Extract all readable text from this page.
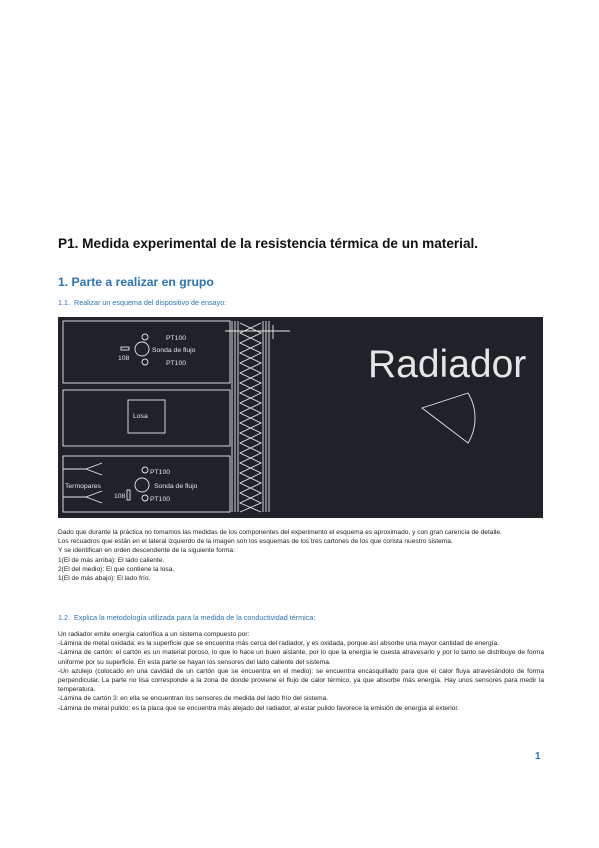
P1. Medida experimental de la resistencia térmica de un material.
1. Parte a realizar en grupo
1.1. Realizar un esquema del dispositivo de ensayo:
PT100
Sonda de flujo
PT100
108
Losa
PT100
Sonda de flujo
PT100
108
Termopares
Radiador

Dado que durante la práctica no tomamos las medidas de los componentes del experimento el esquema es aproximado, y con gran carencia de detalle.

Los recuadros que están en el lateral izquierdo de la imagen son los esquemas de los tres cartones de los que consta nuestro sistema.

Y se identifican en orden descendente de la siguiente forma:

1(El de más arriba): El lado caliente.

2(El del medio): El que contiene la losa.

1(El de más abajo): El lado frío.

1.2. Explica la metodología utilizada para la medida de la conductividad térmica:

Un radiador emite energía calorífica a un sistema compuesto por:

-Lámina de metal oxidada: es la superficie que se encuentra más cerca del radiador, y es oxidada, porque así absorbe una mayor cantidad de energía.

-Lámina de cartón: el cartón es un material poroso, lo que lo hace un buen aislante, por lo que la energía le cuesta atravesarlo y por lo tanto se distribuye de forma uniforme por su superficie. En esta parte se hayan los sensores del lado caliente del sistema.

-Un azulejo (colocado en una cavidad de un cartón que se encuentra en el medio): se encuentra encasquillado para que el calor fluya atravesándolo de forma perpendicular. La parte no lisa corresponde a la zona de donde proviene el flujo de calor térmico, ya que absorbe más energía. Hay unos sensores para medir la temperatura.

-Lámina de cartón 3: en ella se encuentran los sensores de medida del lado frío del sistema.

-Lámina de metal pulido: es la placa que se encuentra más alejado del radiador, al estar pulido favorece la emisión de energía al exterior.

1
